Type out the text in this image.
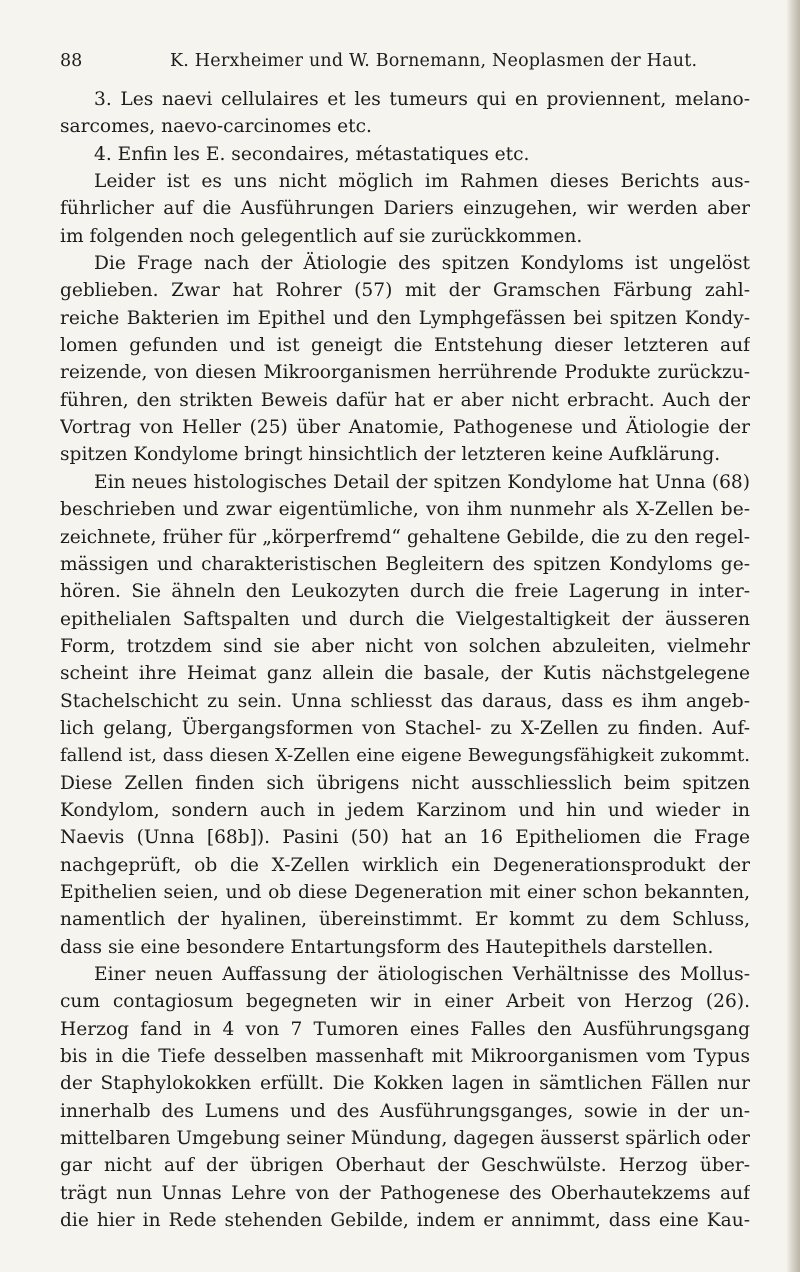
88	K. Herxheimer und W. Bornemann, Neoplasmen der Haut.
3. Les naevi cellulaires et les tumeurs qui en proviennent, melano-
sarcomes, naevo-carcinomes etc.
4. Enfin les E. secondaires, métastatiques etc.
Leider ist es uns nicht möglich im Rahmen dieses Berichts aus-
führlicher auf die Ausführungen Dariers einzugehen, wir werden aber
im folgenden noch gelegentlich auf sie zurückkommen.
Die Frage nach der Ätiologie des spitzen Kondyloms ist ungelöst
geblieben. Zwar hat Rohrer (57) mit der Gramschen Färbung zahl-
reiche Bakterien im Epithel und den Lymphgefässen bei spitzen Kondy-
lomen gefunden und ist geneigt die Entstehung dieser letzteren auf
reizende, von diesen Mikroorganismen herrührende Produkte zurückzu-
führen, den strikten Beweis dafür hat er aber nicht erbracht. Auch der
Vortrag von Heller (25) über Anatomie, Pathogenese und Ätiologie der
spitzen Kondylome bringt hinsichtlich der letzteren keine Aufklärung.
Ein neues histologisches Detail der spitzen Kondylome hat Unna (68)
beschrieben und zwar eigentümliche, von ihm nunmehr als X-Zellen be-
zeichnete, früher für „körperfremd“ gehaltene Gebilde, die zu den regel-
mässigen und charakteristischen Begleitern des spitzen Kondyloms ge-
hören. Sie ähneln den Leukozyten durch die freie Lagerung in inter-
epithelialen Saftspalten und durch die Vielgestaltigkeit der äusseren
Form, trotzdem sind sie aber nicht von solchen abzuleiten, vielmehr
scheint ihre Heimat ganz allein die basale, der Kutis nächstgelegene
Stachelschicht zu sein. Unna schliesst das daraus, dass es ihm angeb-
lich gelang, Übergangsformen von Stachel- zu X-Zellen zu finden. Auf-
fallend ist, dass diesen X-Zellen eine eigene Bewegungsfähigkeit zukommt.
Diese Zellen finden sich übrigens nicht ausschliesslich beim spitzen
Kondylom, sondern auch in jedem Karzinom und hin und wieder in
Naevis (Unna [68b]). Pasini (50) hat an 16 Epitheliomen die Frage
nachgeprüft, ob die X-Zellen wirklich ein Degenerationsprodukt der
Epithelien seien, und ob diese Degeneration mit einer schon bekannten,
namentlich der hyalinen, übereinstimmt. Er kommt zu dem Schluss,
dass sie eine besondere Entartungsform des Hautepithels darstellen.
Einer neuen Auffassung der ätiologischen Verhältnisse des Mollus-
cum contagiosum begegneten wir in einer Arbeit von Herzog (26).
Herzog fand in 4 von 7 Tumoren eines Falles den Ausführungsgang
bis in die Tiefe desselben massenhaft mit Mikroorganismen vom Typus
der Staphylokokken erfüllt. Die Kokken lagen in sämtlichen Fällen nur
innerhalb des Lumens und des Ausführungsganges, sowie in der un-
mittelbaren Umgebung seiner Mündung, dagegen äusserst spärlich oder
gar nicht auf der übrigen Oberhaut der Geschwülste. Herzog über-
trägt nun Unnas Lehre von der Pathogenese des Oberhautekzems auf
die hier in Rede stehenden Gebilde, indem er annimmt, dass eine Kau-
